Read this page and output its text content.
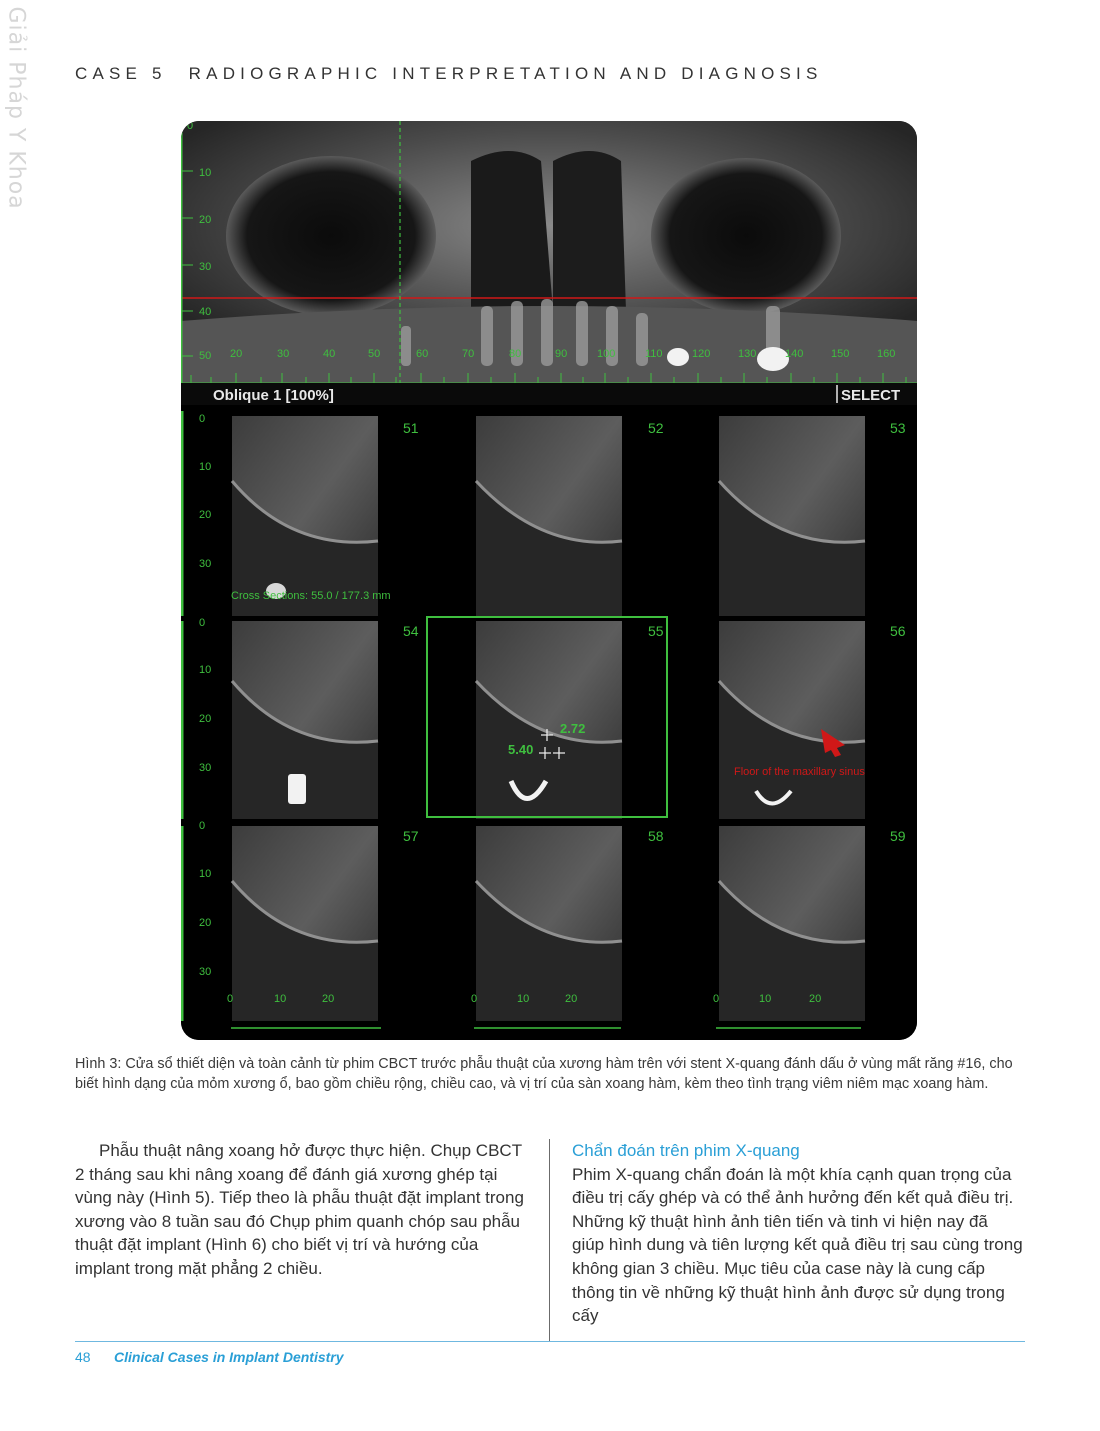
Giải Pháp Y Khoa	CASE 5 RADIOGRAPHIC INTERPRETATION AND DIAGNOSIS
0
10
20
30
40
50 20	30	40	50	60	70	80	90	100	110	120	130	140	150	160
Oblique 1 [100%]	SELECT
51
54
57
52
55
2.72
5.40
58
53
Floor of the maxillary sinus
56
59
0
10
20
30
0
10
20
30
0
10
20
30
0	10	20	0	10	20	0	10	20
Cross Sections: 55.0 / 177.3 mm
Hình 3: Cửa sổ thiết diện và toàn cảnh từ phim CBCT trước phẫu thuật của xương hàm trên với stent X-quang đánh dấu ở vùng mất răng #16, cho biết hình dạng của mỏm xương ổ, bao gồm chiều rộng, chiều cao, và vị trí của sàn xoang hàm, kèm theo tình trạng viêm niêm mạc xoang hàm.
Phẫu thuật nâng xoang hở được thực hiện. Chụp CBCT 2 tháng sau khi nâng xoang để đánh giá xương ghép tại vùng này (Hình 5). Tiếp theo là phẫu thuật đặt implant trong xương vào 8 tuần sau đó Chụp phim quanh chóp sau phẫu thuật đặt implant (Hình 6) cho biết vị trí và hướng của implant trong mặt phẳng 2 chiều.
Chẩn đoán trên phim X-quang

Phim X-quang chẩn đoán là một khía cạnh quan trọng của điều trị cấy ghép và có thể ảnh hưởng đến kết quả điều trị. Những kỹ thuật hình ảnh tiên tiến và tinh vi hiện nay đã giúp hình dung và tiên lượng kết quả điều trị sau cùng trong không gian 3 chiều. Mục tiêu của case này là cung cấp thông tin về những kỹ thuật hình ảnh được sử dụng trong cấy

48 Clinical Cases in Implant Dentistry
